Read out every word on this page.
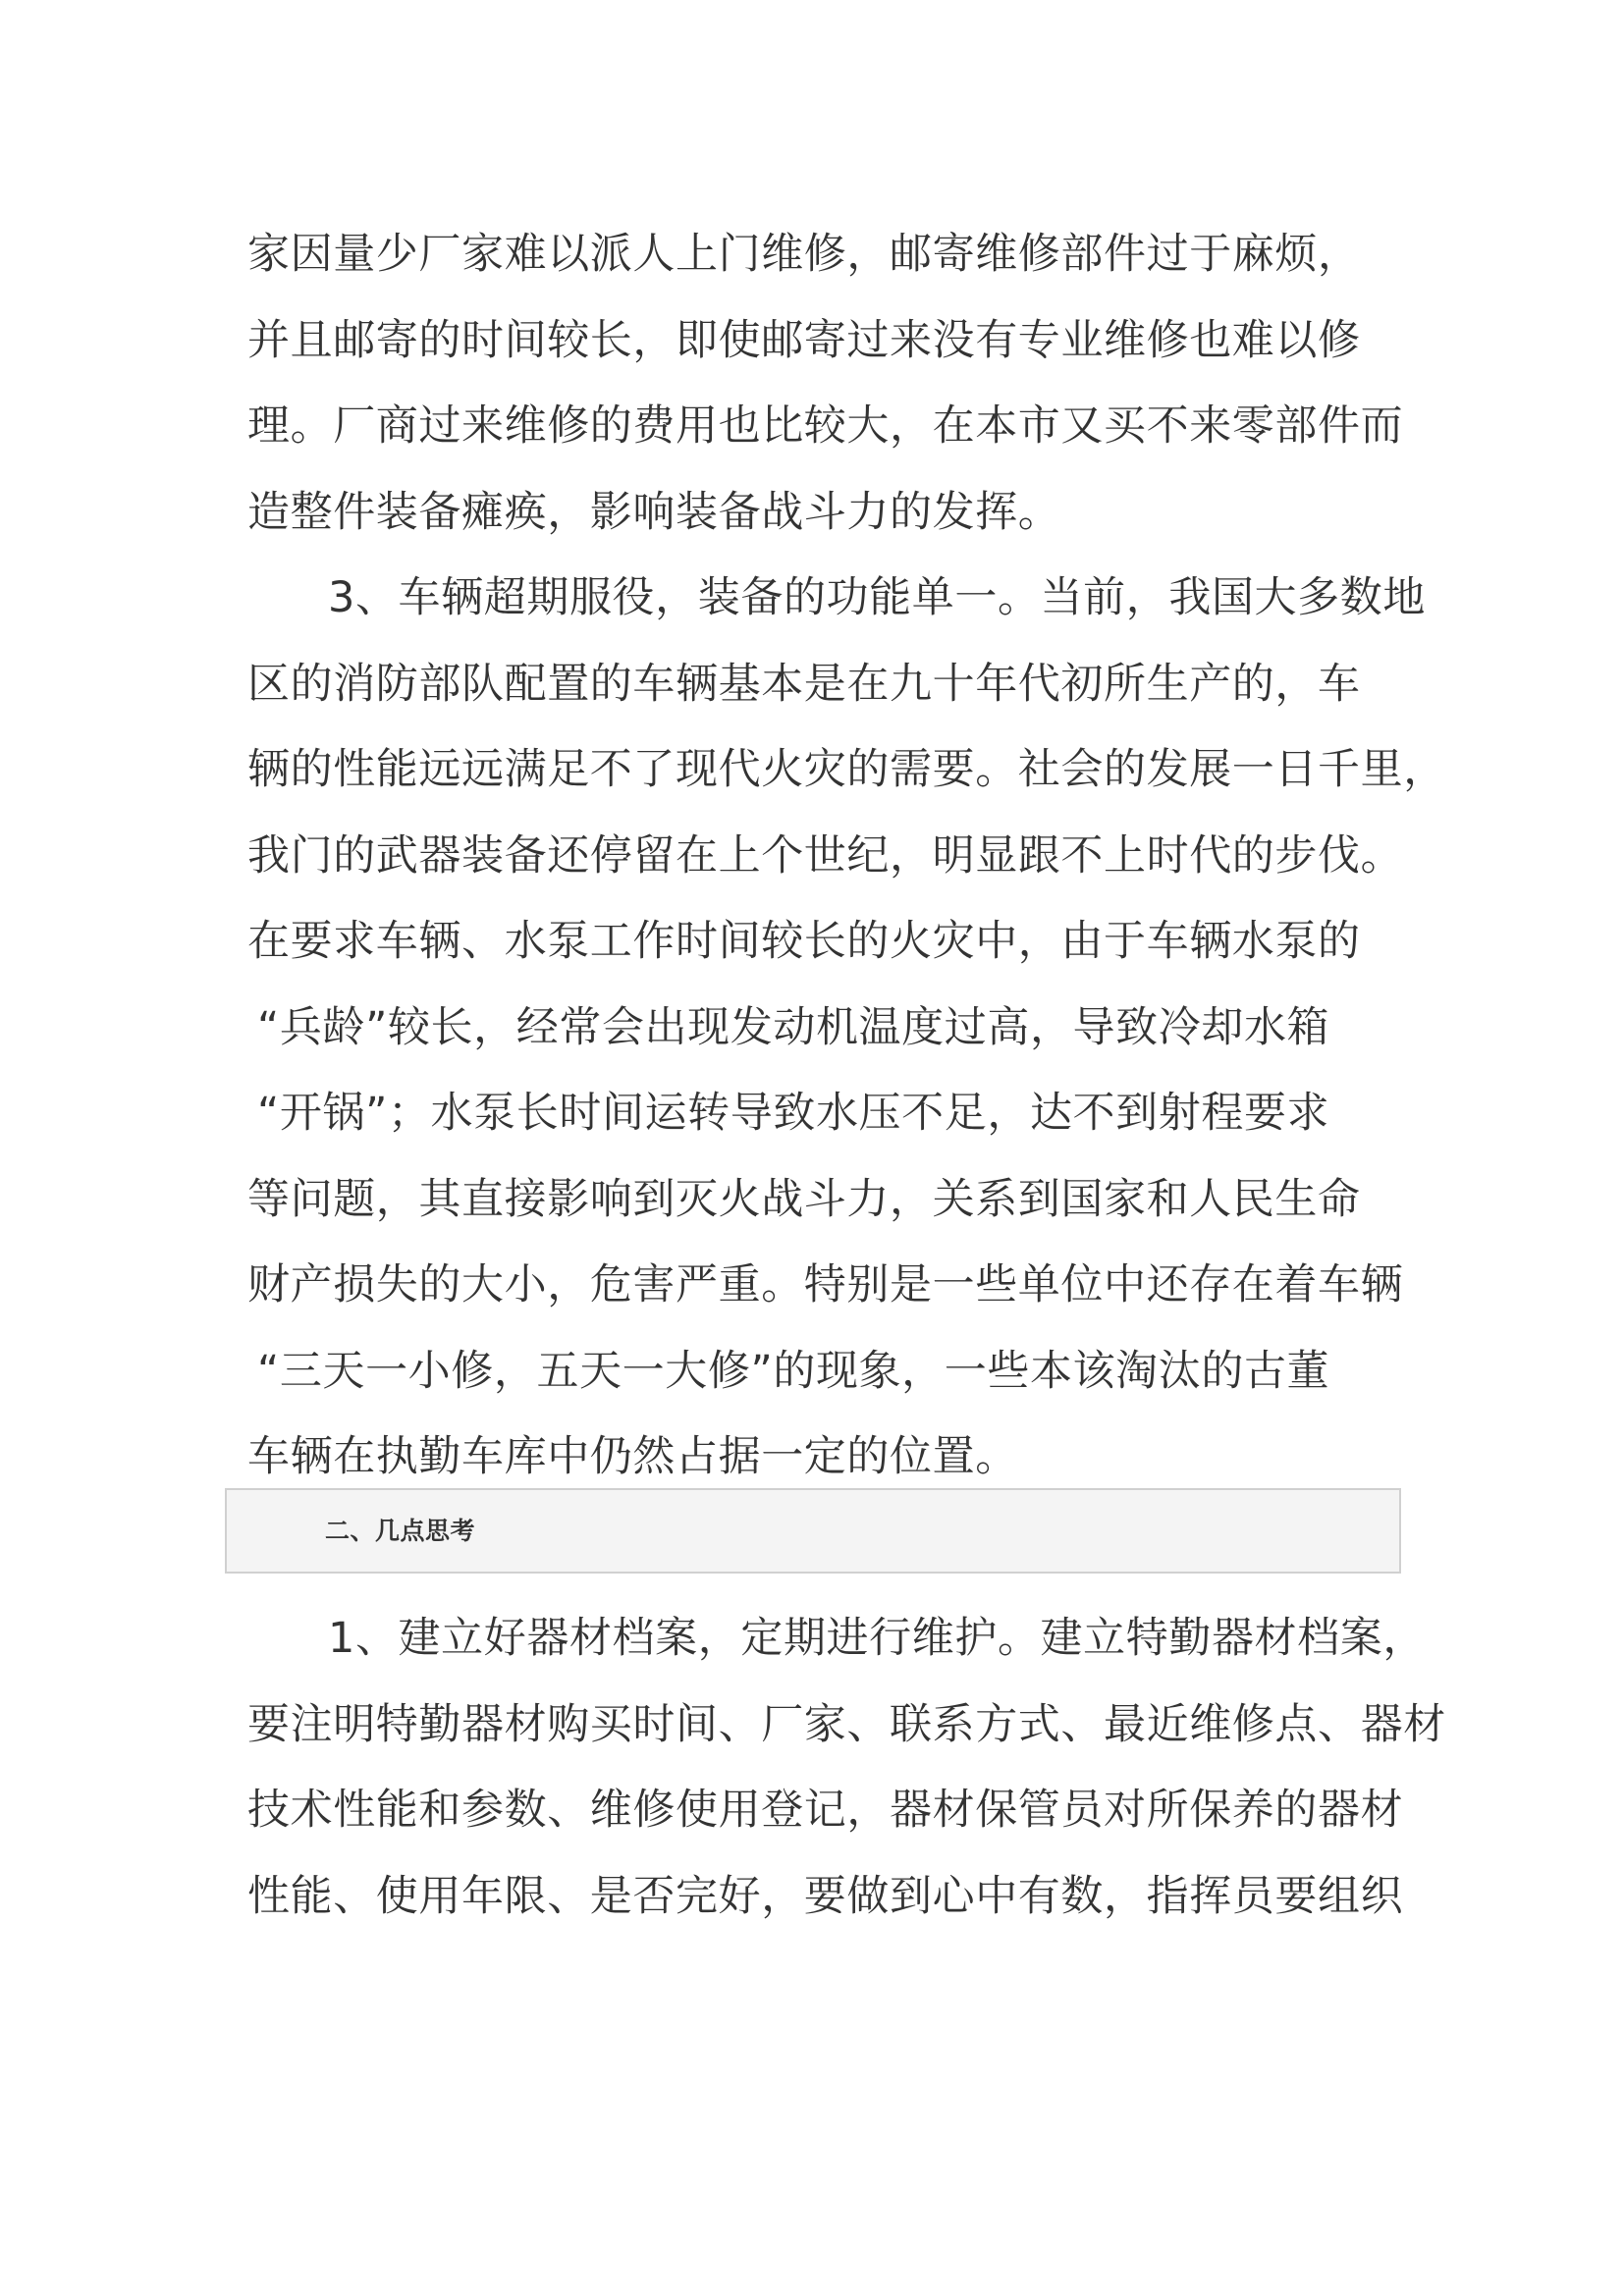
家因量少厂家难以派人上门维修，邮寄维修部件过于麻烦，
并且邮寄的时间较长，即使邮寄过来没有专业维修也难以修
理。厂商过来维修的费用也比较大，在本市又买不来零部件而
造整件装备瘫痪，影响装备战斗力的发挥。
3、车辆超期服役，装备的功能单一。当前，我国大多数地
区的消防部队配置的车辆基本是在九十年代初所生产的，车
辆的性能远远满足不了现代火灾的需要。社会的发展一日千里，
我门的武器装备还停留在上个世纪，明显跟不上时代的步伐。
在要求车辆、水泵工作时间较长的火灾中，由于车辆水泵的
“兵龄”较长，经常会出现发动机温度过高，导致冷却水箱
“开锅”；水泵长时间运转导致水压不足，达不到射程要求
等问题，其直接影响到灭火战斗力，关系到国家和人民生命
财产损失的大小，危害严重。特别是一些单位中还存在着车辆
“三天一小修，五天一大修”的现象，一些本该淘汰的古董
车辆在执勤车库中仍然占据一定的位置。
二、几点思考
1、建立好器材档案，定期进行维护。建立特勤器材档案，
要注明特勤器材购买时间、厂家、联系方式、最近维修点、器材
技术性能和参数、维修使用登记，器材保管员对所保养的器材
性能、使用年限、是否完好，要做到心中有数，指挥员要组织
